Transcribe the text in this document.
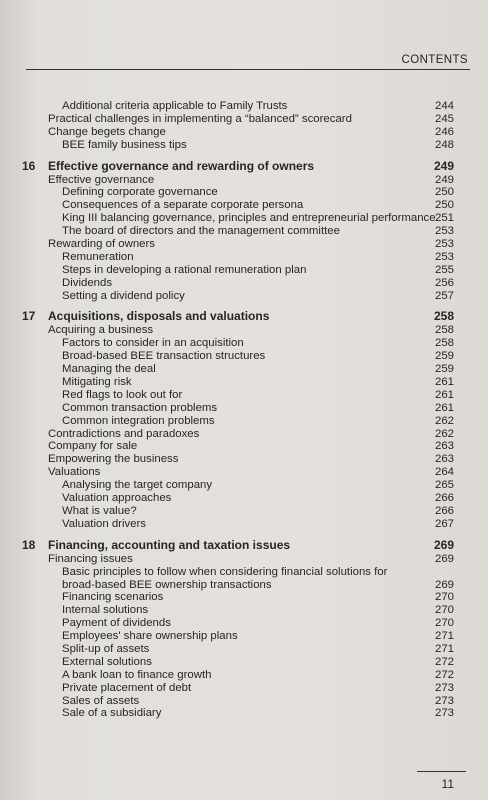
CONTENTS
Additional criteria applicable to Family Trusts	244
Practical challenges in implementing a “balanced” scorecard	245
Change begets change	246
BEE family business tips	248
16 Effective governance and rewarding of owners	249
Effective governance	249
Defining corporate governance	250
Consequences of a separate corporate persona	250
King III balancing governance, principles and entrepreneurial performance 251
The board of directors and the management committee	253
Rewarding of owners	253
Remuneration	253
Steps in developing a rational remuneration plan	255
Dividends	256
Setting a dividend policy	257
17 Acquisitions, disposals and valuations	258
Acquiring a business	258
Factors to consider in an acquisition	258
Broad-based BEE transaction structures	259
Managing the deal	259
Mitigating risk	261
Red flags to look out for	261
Common transaction problems	261
Common integration problems	262
Contradictions and paradoxes	262
Company for sale	263
Empowering the business	263
Valuations	264
Analysing the target company	265
Valuation approaches	266
What is value?	266
Valuation drivers	267
18 Financing, accounting and taxation issues	269
Financing issues	269
Basic principles to follow when considering financial solutions for broad-based BEE ownership transactions	269
Financing scenarios	270
Internal solutions	270
Payment of dividends	270
Employees' share ownership plans	271
Split-up of assets	271
External solutions	272
A bank loan to finance growth	272
Private placement of debt	273
Sales of assets	273
Sale of a subsidiary	273
11
